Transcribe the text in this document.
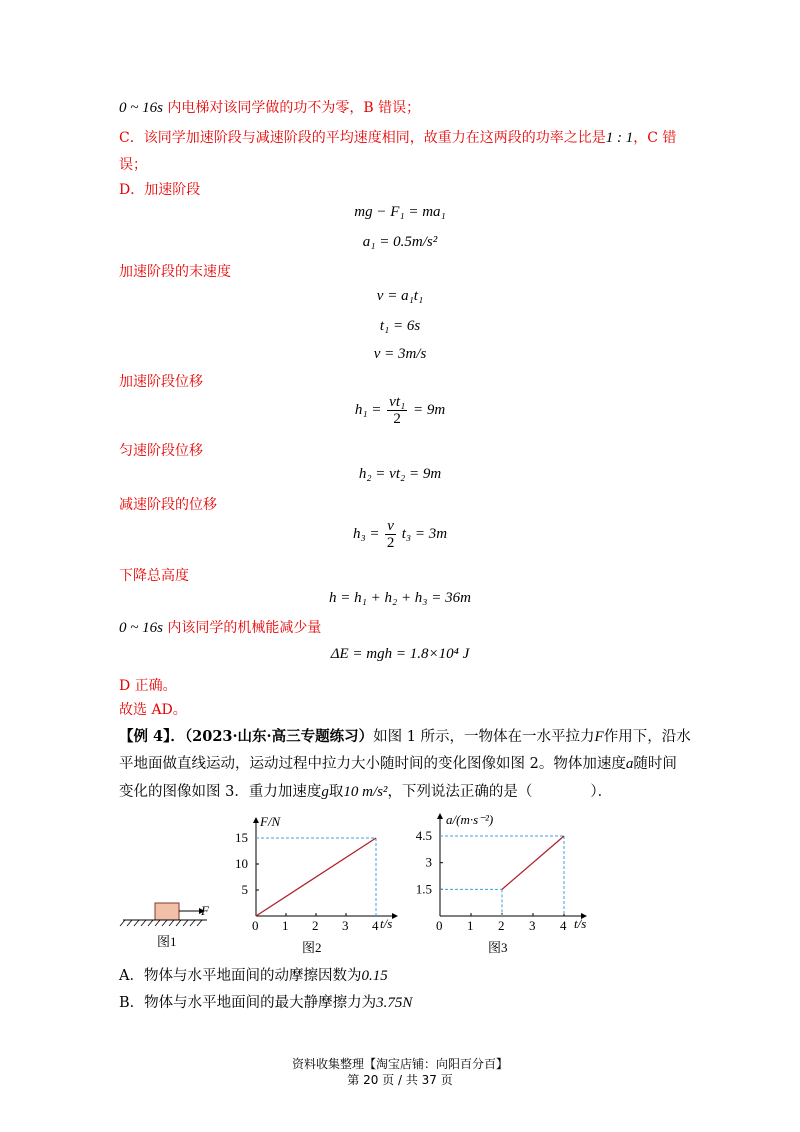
0 ~ 16s 内电梯对该同学做的功不为零，B 错误；
C．该同学加速阶段与减速阶段的平均速度相同，故重力在这两段的功率之比是1 : 1，C 错
误；
D．加速阶段
mg − F₁ = ma₁
a₁ = 0.5m/s²
加速阶段的末速度
v = a₁t₁
t₁ = 6s
v = 3m/s
加速阶段位移
$h_1 = \frac{\text{vt₁}}{2} = 9m$
匀速阶段位移
h₂ = vt₂ = 9m
减速阶段的位移
$h_3 = \frac{v}{2} t_3 = 3m$
下降总高度
h = h₁ + h₂ + h₃ = 36m
0 ~ 16s 内该同学的机械能减少量
ΔE = mgh = 1.8×10⁴ J
D 正确。
故选 AD。
【例 4】．（2023·山东·高三专题练习）如图 1 所示，一物体在一水平拉力F作用下，沿水
平地面做直线运动，运动过程中拉力大小随时间的变化图像如图 2。物体加速度a随时间
变化的图像如图 3．重力加速度g取10 m/s²，下列说法正确的是（　　　　）．
F
图1
F/N
t/s
0 1 2 3 4
5
10
15
图2
a/(m·s⁻²)
t/s
0 1 2 3 4
1.5
3
4.5
图3
A．物体与水平地面间的动摩擦因数为0.15
B．物体与水平地面间的最大静摩擦力为3.75N
资料收集整理【淘宝店铺：向阳百分百】
第 20 页 / 共 37 页
